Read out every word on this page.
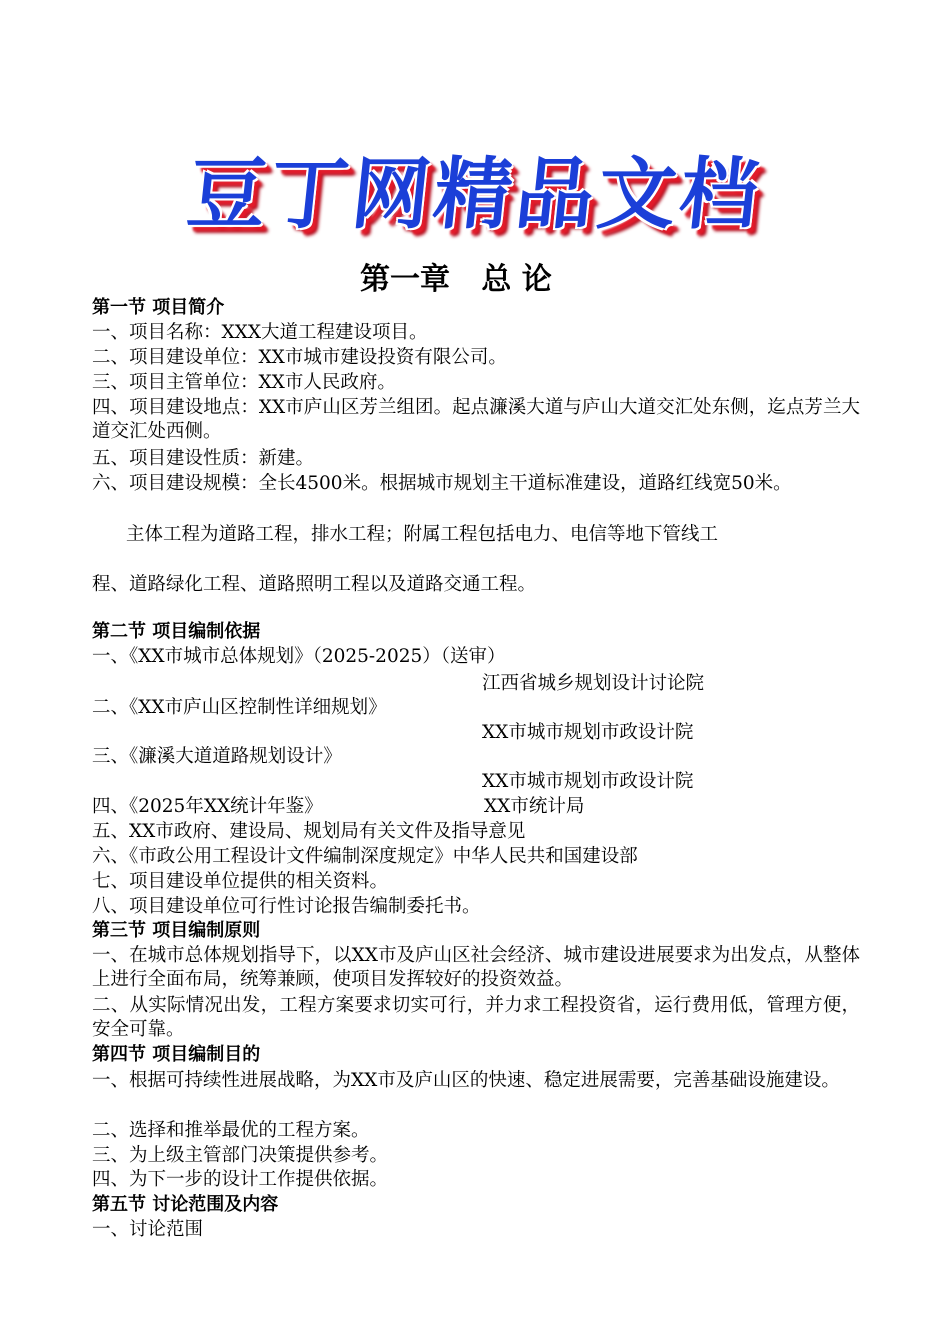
豆丁网精品文档
第一章   总 论
第一节 项目简介
一、项目名称：XXX大道工程建设项目。
二、项目建设单位：XX市城市建设投资有限公司。
三、项目主管单位：XX市人民政府。
四、项目建设地点：XX市庐山区芳兰组团。起点濂溪大道与庐山大道交汇处东侧，迄点芳兰大道交汇处西侧。
五、项目建设性质：新建。
六、项目建设规模：全长4500米。根据城市规划主干道标准建设，道路红线宽50米。
主体工程为道路工程，排水工程；附属工程包括电力、电信等地下管线工
程、道路绿化工程、道路照明工程以及道路交通工程。
第二节 项目编制依据
一、《XX市城市总体规划》（2025-2025）（送审）
江西省城乡规划设计讨论院
二、《XX市庐山区控制性详细规划》
XX市城市规划市政设计院
三、《濂溪大道道路规划设计》
XX市城市规划市政设计院
四、《2025年XX统计年鉴》	XX市统计局
五、XX市政府、建设局、规划局有关文件及指导意见
六、《市政公用工程设计文件编制深度规定》中华人民共和国建设部
七、项目建设单位提供的相关资料。
八、项目建设单位可行性讨论报告编制委托书。
第三节 项目编制原则
一、在城市总体规划指导下，以XX市及庐山区社会经济、城市建设进展要求为出发点，从整体上进行全面布局，统筹兼顾，使项目发挥较好的投资效益。
二、从实际情况出发，工程方案要求切实可行，并力求工程投资省，运行费用低，管理方便，安全可靠。
第四节 项目编制目的
一、根据可持续性进展战略，为XX市及庐山区的快速、稳定进展需要，完善基础设施建设。
二、选择和推举最优的工程方案。
三、为上级主管部门决策提供参考。
四、为下一步的设计工作提供依据。
第五节 讨论范围及内容
一、讨论范围
